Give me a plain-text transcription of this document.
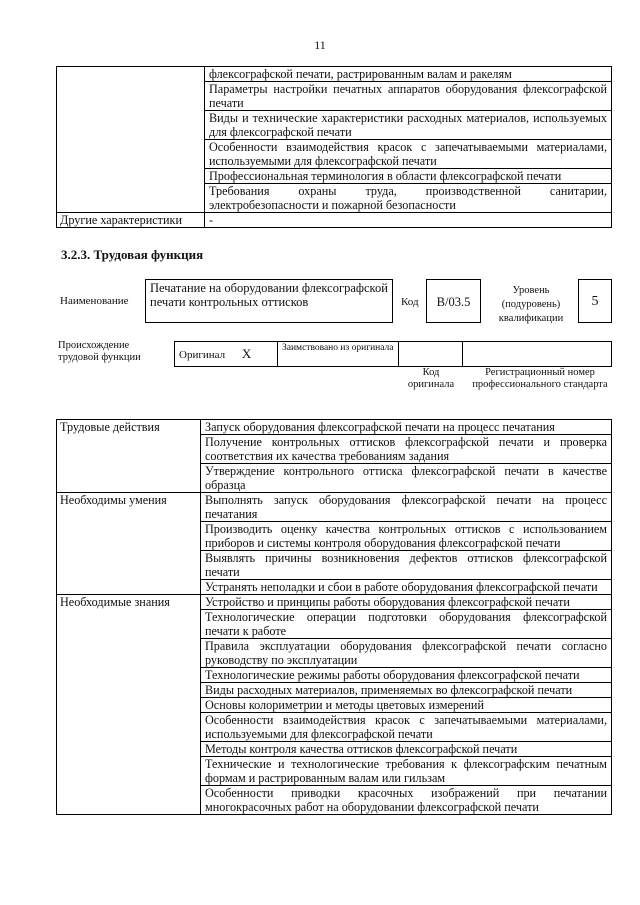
11
	флексографской печати, растрированным валам и ракелям
	Параметры настройки печатных аппаратов оборудования флексографской печати
	Виды и технические характеристики расходных материалов, используемых для флексографской печати
	Особенности взаимодействия красок с запечатываемыми материалами, используемыми для флексографской печати
	Профессиональная терминология в области флексографской печати
	Требования охраны труда, производственной санитарии, электробезопасности и пожарной безопасности
Другие характеристики	-
3.2.3. Трудовая функция
Наименование
Печатание на оборудовании флексографской печати контрольных оттисков	Код	B/03.5
Уровень (подуровень) квалификации
5
Происхождение трудовой функции	Оригинал X	Заимствовано из оригинала		
Код оригинала
Регистрационный номер профессионального стандарта
Трудовые действия	Запуск оборудования флексографской печати на процесс печатания
	Получение контрольных оттисков флексографской печати и проверка соответствия их качества требованиям задания
	Утверждение контрольного оттиска флексографской печати в качестве образца
Необходимы умения	Выполнять запуск оборудования флексографской печати на процесс печатания
	Производить оценку качества контрольных оттисков с использованием приборов и системы контроля оборудования флексографской печати
	Выявлять причины возникновения дефектов оттисков флексографской печати
	Устранять неполадки и сбои в работе оборудования флексографской печати
Необходимые знания	Устройство и принципы работы оборудования флексографской печати
	Технологические операции подготовки оборудования флексографской печати к работе
	Правила эксплуатации оборудования флексографской печати согласно руководству по эксплуатации
	Технологические режимы работы оборудования флексографской печати
	Виды расходных материалов, применяемых во флексографской печати
	Основы колориметрии и методы цветовых измерений
	Особенности взаимодействия красок с запечатываемыми материалами, используемыми для флексографской печати
	Методы контроля качества оттисков флексографской печати
	Технические и технологические требования к флексографским печатным формам и растрированным валам или гильзам
	Особенности приводки красочных изображений при печатании многокрасочных работ на оборудовании флексографской печати
